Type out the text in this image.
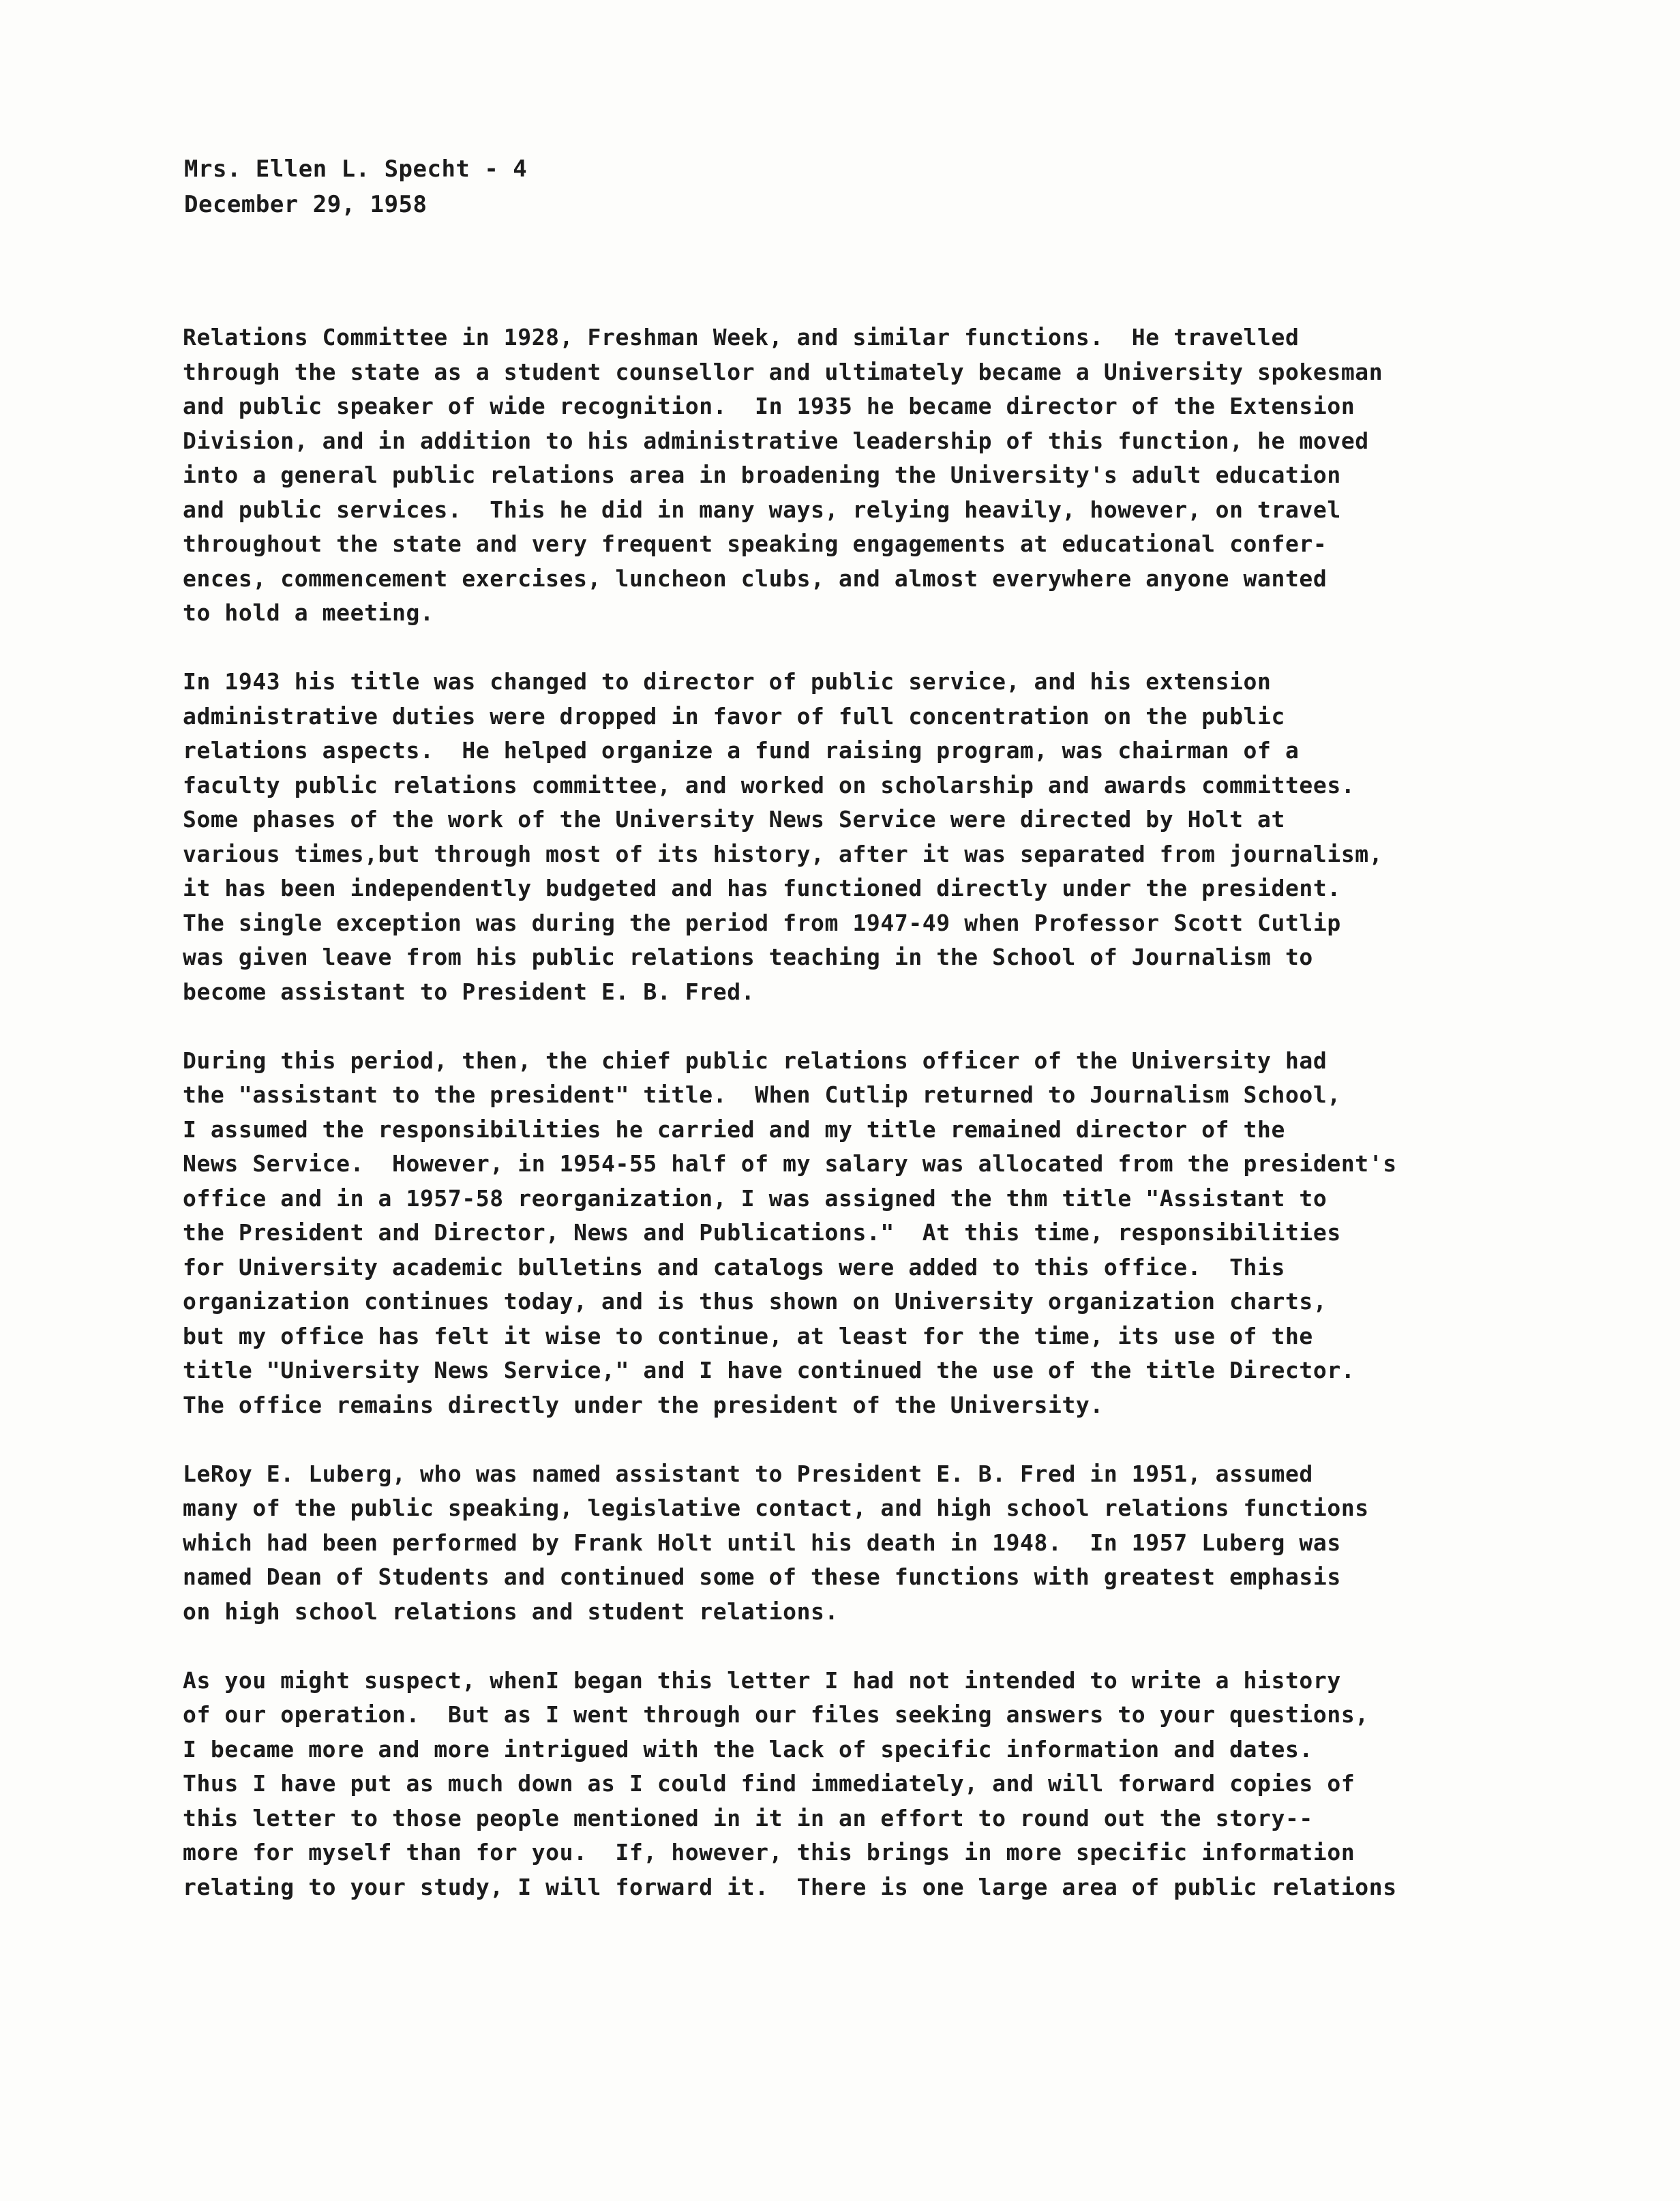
Mrs. Ellen L. Specht - 4
December 29, 1958
Relations Committee in 1928, Freshman Week, and similar functions.  He travelled
through the state as a student counsellor and ultimately became a University spokesman
and public speaker of wide recognition.  In 1935 he became director of the Extension
Division, and in addition to his administrative leadership of this function, he moved
into a general public relations area in broadening the University's adult education
and public services.  This he did in many ways, relying heavily, however, on travel
throughout the state and very frequent speaking engagements at educational confer-
ences, commencement exercises, luncheon clubs, and almost everywhere anyone wanted
to hold a meeting.
In 1943 his title was changed to director of public service, and his extension
administrative duties were dropped in favor of full concentration on the public
relations aspects.  He helped organize a fund raising program, was chairman of a
faculty public relations committee, and worked on scholarship and awards committees.
Some phases of the work of the University News Service were directed by Holt at
various times,but through most of its history, after it was separated from journalism,
it has been independently budgeted and has functioned directly under the president.
The single exception was during the period from 1947-49 when Professor Scott Cutlip
was given leave from his public relations teaching in the School of Journalism to
become assistant to President E. B. Fred.
During this period, then, the chief public relations officer of the University had
the "assistant to the president" title.  When Cutlip returned to Journalism School,
I assumed the responsibilities he carried and my title remained director of the
News Service.  However, in 1954-55 half of my salary was allocated from the president's
office and in a 1957-58 reorganization, I was assigned the thm title "Assistant to
the President and Director, News and Publications."  At this time, responsibilities
for University academic bulletins and catalogs were added to this office.  This
organization continues today, and is thus shown on University organization charts,
but my office has felt it wise to continue, at least for the time, its use of the
title "University News Service," and I have continued the use of the title Director.
The office remains directly under the president of the University.
LeRoy E. Luberg, who was named assistant to President E. B. Fred in 1951, assumed
many of the public speaking, legislative contact, and high school relations functions
which had been performed by Frank Holt until his death in 1948.  In 1957 Luberg was
named Dean of Students and continued some of these functions with greatest emphasis
on high school relations and student relations.
As you might suspect, whenI began this letter I had not intended to write a history
of our operation.  But as I went through our files seeking answers to your questions,
I became more and more intrigued with the lack of specific information and dates.
Thus I have put as much down as I could find immediately, and will forward copies of
this letter to those people mentioned in it in an effort to round out the story--
more for myself than for you.  If, however, this brings in more specific information
relating to your study, I will forward it.  There is one large area of public relations
